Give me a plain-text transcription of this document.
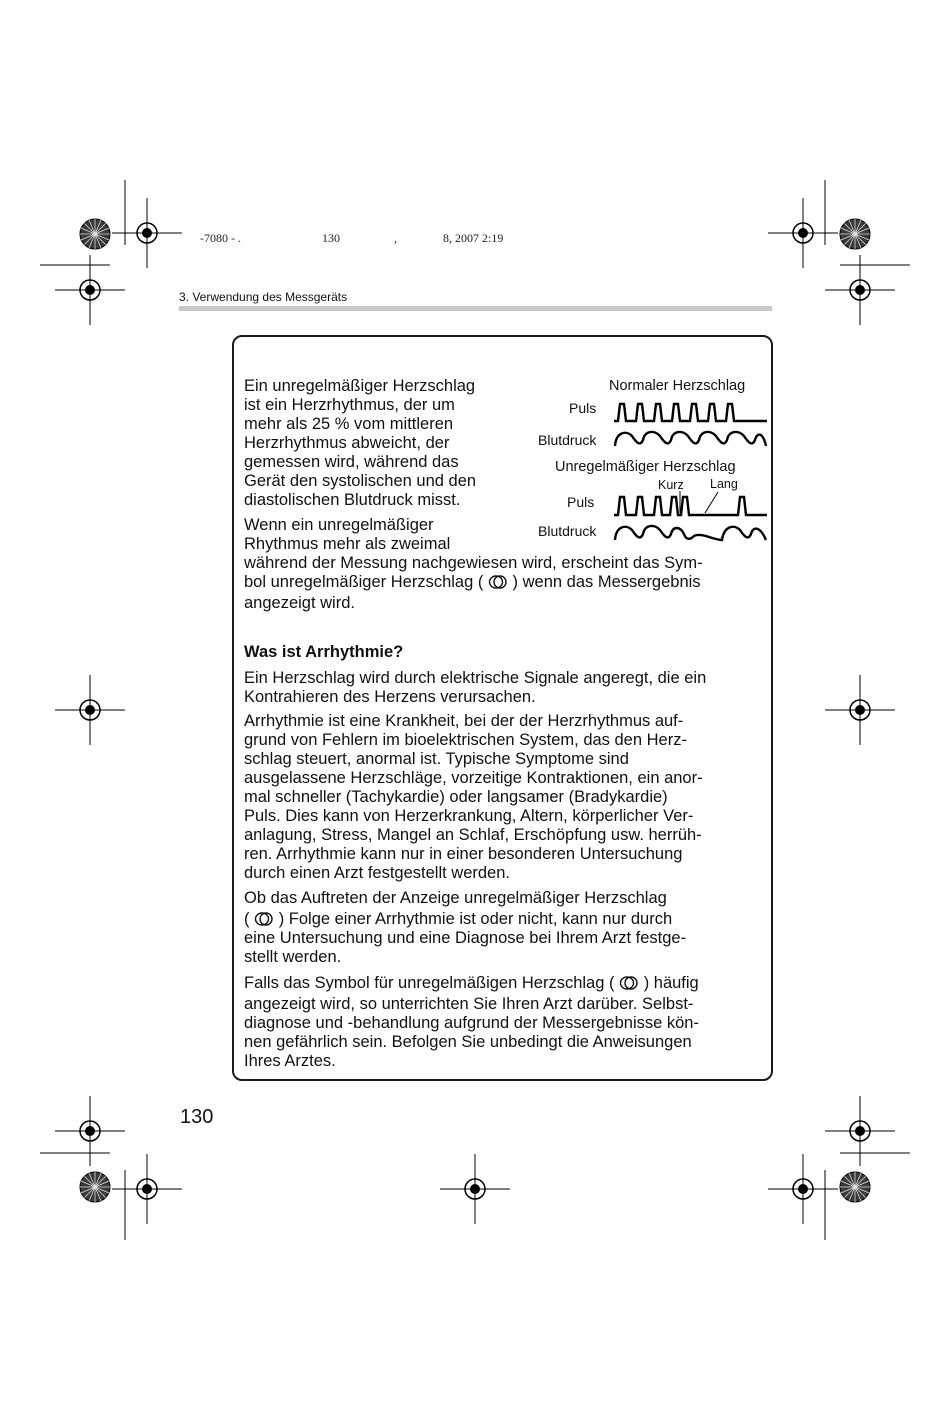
-7080 - .	130	,	8, 2007 2:19
3. Verwendung des Messgeräts
Ein unregelmäßiger Herzschlag
ist ein Herzrhythmus, der um
mehr als 25 % vom mittleren
Herzrhythmus abweicht, der
gemessen wird, während das
Gerät den systolischen und den
diastolischen Blutdruck misst.
Wenn ein unregelmäßiger
Rhythmus mehr als zweimal
während der Messung nachgewiesen wird, erscheint das Sym-
bol unregelmäßiger Herzschlag ( ) wenn das Messergebnis
angezeigt wird.
Normaler Herzschlag
Puls
Blutdruck
Unregelmäßiger Herzschlag
Kurz Lang
Puls
Blutdruck
Was ist Arrhythmie?
Ein Herzschlag wird durch elektrische Signale angeregt, die ein
Kontrahieren des Herzens verursachen.
Arrhythmie ist eine Krankheit, bei der der Herzrhythmus auf-
grund von Fehlern im bioelektrischen System, das den Herz-
schlag steuert, anormal ist. Typische Symptome sind
ausgelassene Herzschläge, vorzeitige Kontraktionen, ein anor-
mal schneller (Tachykardie) oder langsamer (Bradykardie)
Puls. Dies kann von Herzerkrankung, Altern, körperlicher Ver-
anlagung, Stress, Mangel an Schlaf, Erschöpfung usw. herrüh-
ren. Arrhythmie kann nur in einer besonderen Untersuchung
durch einen Arzt festgestellt werden.
Ob das Auftreten der Anzeige unregelmäßiger Herzschlag
( ) Folge einer Arrhythmie ist oder nicht, kann nur durch
eine Untersuchung und eine Diagnose bei Ihrem Arzt festge-
stellt werden.
Falls das Symbol für unregelmäßigen Herzschlag ( ) häufig
angezeigt wird, so unterrichten Sie Ihren Arzt darüber. Selbst-
diagnose und -behandlung aufgrund der Messergebnisse kön-
nen gefährlich sein. Befolgen Sie unbedingt die Anweisungen
Ihres Arztes.
130
